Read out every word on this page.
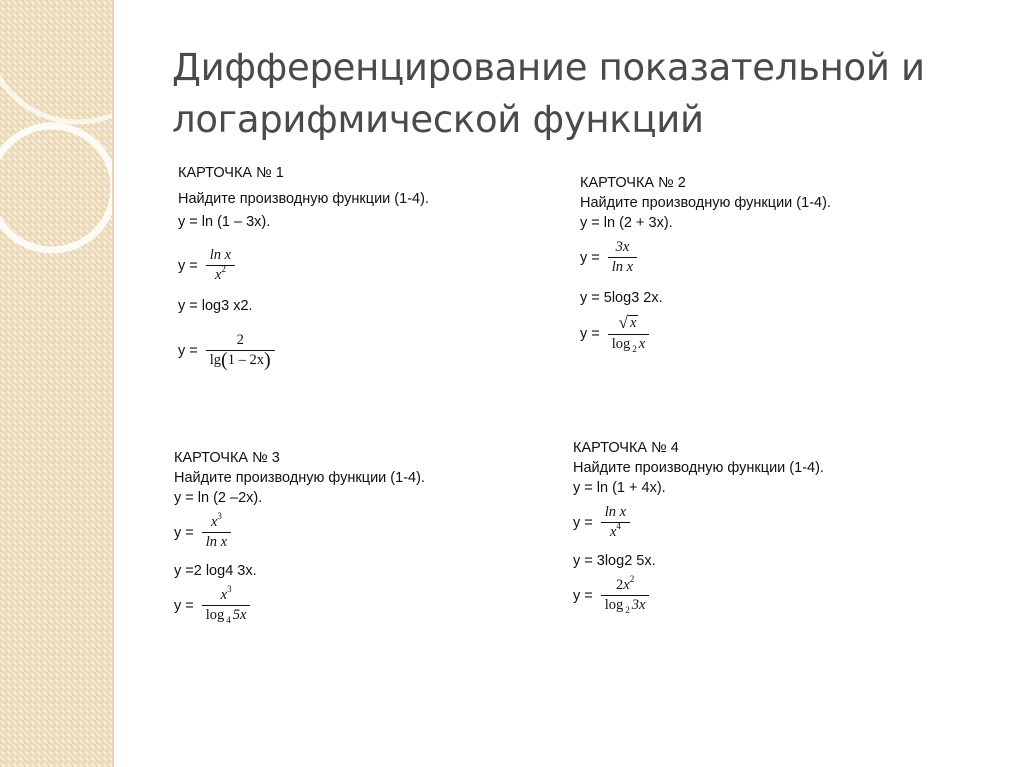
Дифференцирование показательной и
логарифмической функций
КАРТОЧКА № 1
Найдите производную функции (1-4).
y = ln (1 – 3x).
$y = \frac{\text{ln x}}{x^2}$
y = log3 x2.
$y = \frac{2}{\lg(1 - 2x)}$
КАРТОЧКА № 2
Найдите производную функции (1-4).
y = ln (2 + 3x).
$y = \frac{3x}{\text{ln x}}$
y = 5log3 2x.
$y = \frac{√ x}{\log _2 x}$
КАРТОЧКА № 3
Найдите производную функции (1-4).
y = ln (2 –2x).
$y = \frac{x^3}{\text{ln x}}$
y =2 log4 3x.
$y = \frac{x^3}{\log _4 5x}$
КАРТОЧКА № 4
Найдите производную функции (1-4).
y = ln (1 + 4x).
$y = \frac{\text{ln x}}{x^4}$
y = 3log2 5x.
$y = \frac{2x^2}{\log _2 3x}$
